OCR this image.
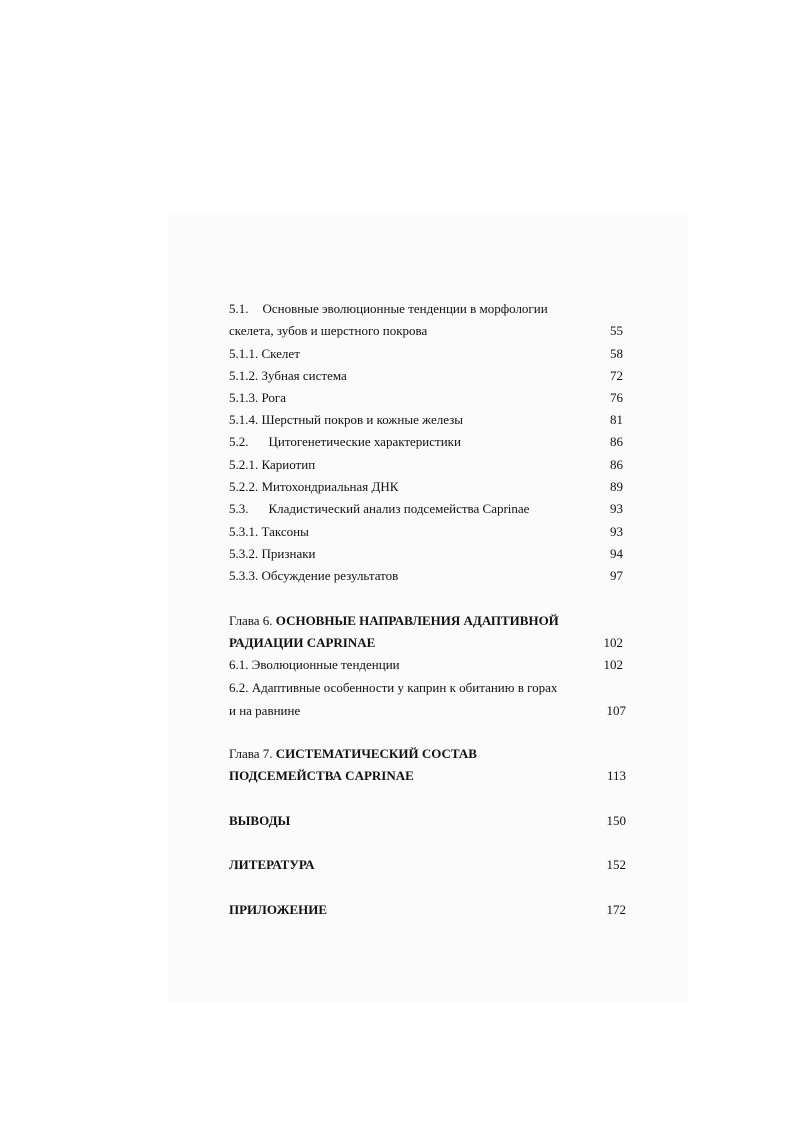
5.1. Основные эволюционные тенденции в морфологии
скелета, зубов и шерстного покрова	55
5.1.1. Скелет	58
5.1.2. Зубная система	72
5.1.3. Рога	76
5.1.4. Шерстный покров и кожные железы	81
5.2. Цитогенетические характеристики	86
5.2.1. Кариотип	86
5.2.2. Митохондриальная ДНК	89
5.3. Кладистический анализ подсемейства Caprinae	93
5.3.1. Таксоны	93
5.3.2. Признаки	94
5.3.3. Обсуждение результатов	97
Глава 6. ОСНОВНЫЕ НАПРАВЛЕНИЯ АДАПТИВНОЙ
РАДИАЦИИ CAPRINAE	102
6.1. Эволюционные тенденции	102
6.2. Адаптивные особенности у каприн к обитанию в горах
и на равнине	107
Глава 7. СИСТЕМАТИЧЕСКИЙ СОСТАВ
ПОДСЕМЕЙСТВА CAPRINAE	113
ВЫВОДЫ	150
ЛИТЕРАТУРА	152
ПРИЛОЖЕНИЕ	172
